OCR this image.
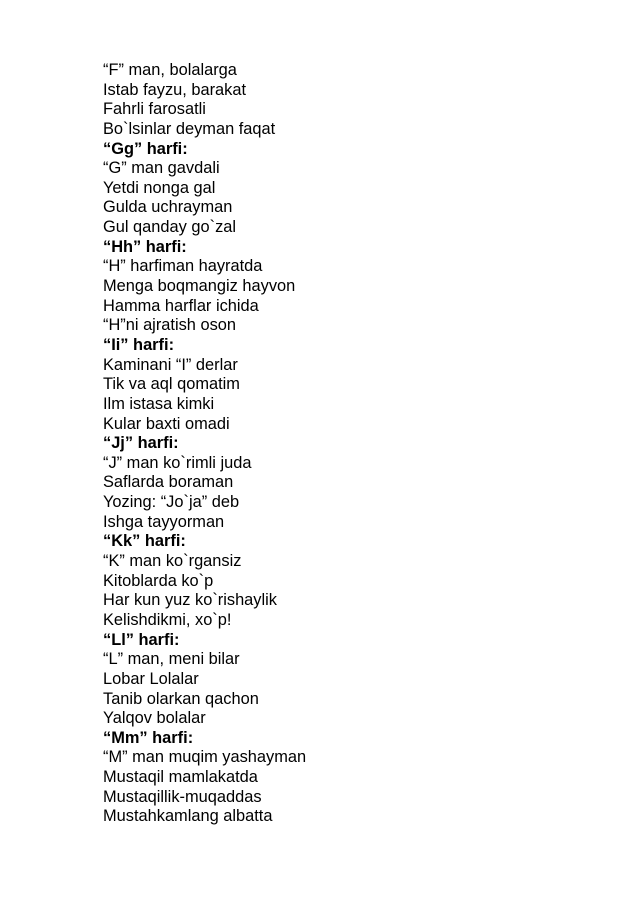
“F” man, bolalarga
Istab fayzu, barakat
Fahrli farosatli
Bo`lsinlar deyman faqat
“Gg” harfi:
“G” man gavdali
Yetdi nonga gal
Gulda uchrayman
Gul qanday go`zal
“Hh” harfi:
“H” harfiman hayratda
Menga boqmangiz hayvon
Hamma harflar ichida
“H”ni ajratish oson
“Ii” harfi:
Kaminani “I” derlar
Tik va aql qomatim
Ilm istasa kimki
Kular baxti omadi
“Jj” harfi:
“J” man ko`rimli juda
Saflarda boraman
Yozing: “Jo`ja” deb
Ishga tayyorman
“Kk” harfi:
“K” man ko`rgansiz
Kitoblarda ko`p
Har kun yuz ko`rishaylik
Kelishdikmi, xo`p!
“Ll” harfi:
“L” man, meni bilar
Lobar Lolalar
Tanib olarkan qachon
Yalqov bolalar
“Mm” harfi:
“M” man muqim yashayman
Mustaqil mamlakatda
Mustaqillik-muqaddas
Mustahkamlang albatta
